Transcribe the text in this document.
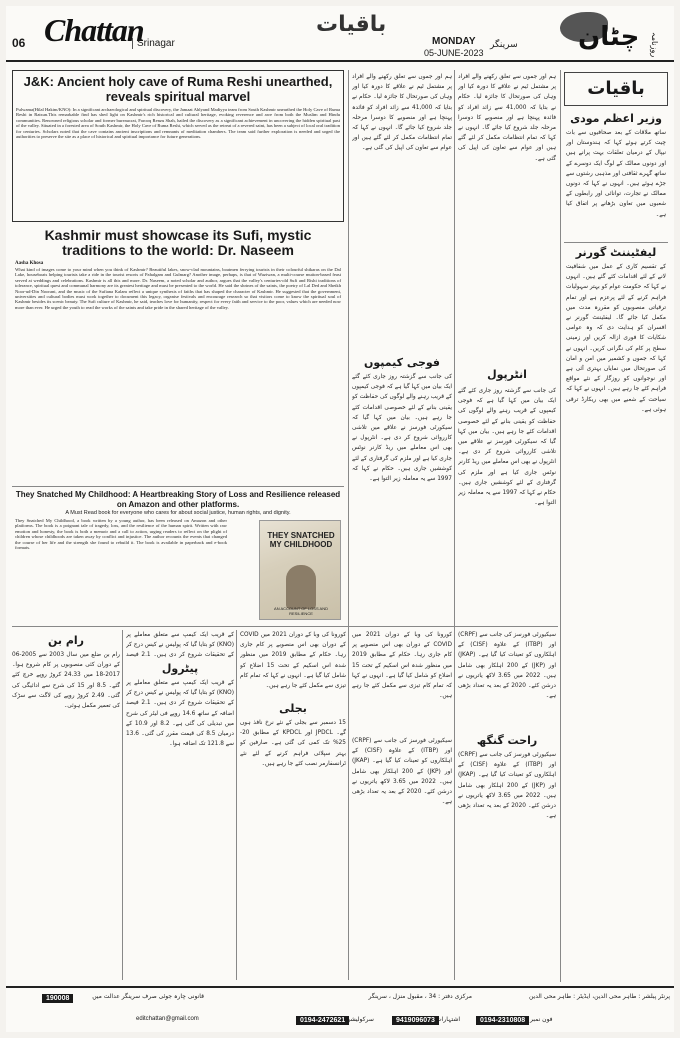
06 Chattan
Srinagar
باقیات
MONDAY
05-JUNE-2023
سرینگر چٹان روزنامہ
J&K: Ancient holy cave of Ruma Reshi unearthed, reveals spiritual marvel
Pulwama(Hilal Hakim/KNO): In a significant archaeological and spiritual discovery, the Jamaat Ahlyand Madiyya team from South Kashmir unearthed the Holy Cave of Ruma Reshi in Ratsun.This remarkable find has shed light on Kashmir's rich historical and cultural heritage, evoking reverence and awe from both the Muslim and Hindu communities. Renowned religious scholar and former bureaucrat, Farooq Renzu Shah, hailed the discovery as a significant achievement in uncovering the hidden spiritual past of the valley. Situated in a forested area of South Kashmir, the Holy Cave of Ruma Reshi, which served as the retreat of a revered saint, has been a subject of local oral tradition for centuries. Scholars noted that the cave contains ancient inscriptions and remnants of meditation chambers. The team said further exploration is needed and urged the authorities to preserve the site as a place of historical and spiritual importance for future generations.
Kashmir must showcase its Sufi, mystic traditions to the world: Dr. Naseem
Aasha Khosa
What kind of images come to your mind when you think of Kashmir? Beautiful lakes, snow-clad mountains, boatmen ferrying tourists in their colourful shikaras on the Dal Lake, houseboats helping tourists take a ride in the tourist resorts of Pahalgam and Gulmarg? Another image, perhaps, is that of Waziwan, a multi-course mutton-based feast served at weddings and celebrations. Kashmir is all this and more. Dr. Naseem, a noted scholar and author, argues that the valley's centuries-old Sufi and Rishi traditions of tolerance, spiritual quest and communal harmony are its greatest heritage and must be presented to the world. He said the shrines of the saints, the poetry of Lal Ded and Sheikh Noor-ud-Din Noorani, and the music of the Sufiana Kalam reflect a unique synthesis of faiths that has shaped the character of Kashmir. He suggested that the government, universities and cultural bodies must work together to document this legacy, organise festivals and encourage research so that visitors come to know the spiritual soul of Kashmir besides its scenic beauty. The Sufi culture of Kashmir, he said, teaches love for humanity, respect for every faith and service to the poor, values which are needed now more than ever. He urged the youth to read the works of the saints and take pride in the shared heritage of the valley.
They Snatched My Childhood: A Heartbreaking Story of Loss and Resilience released on Amazon and other platforms.
A Must Read book for everyone who cares for about social justice, human rights, and dignity.
They Snatched My Childhood, a book written by a young author, has been released on Amazon and other platforms. The book is a poignant tale of tragedy, loss, and the resilience of the human spirit. Written with raw emotion and honesty, the book is both a memoir and a call to action, urging readers to reflect on the plight of children whose childhoods are taken away by conflict and injustice. The author recounts the events that changed the course of her life and the strength she found to rebuild it. The book is available in paperback and e-book formats.
THEY SNATCHED MY CHILDHOOD
AN ACCOUNT OF LOSS AND RESILIENCE
باقیات
وزیر اعظم مودی
ساتھ ملاقات کے بعد صحافیوں سے بات چیت کرتے ہوئے کہا کہ ہندوستان اور نیپال کے درمیان تعلقات بہت پرانے ہیں اور دونوں ممالک کے لوگ ایک دوسرے کے ساتھ گہرے ثقافتی اور مذہبی رشتوں سے جڑے ہوئے ہیں۔ انہوں نے کہا کہ دونوں ممالک نے تجارت، توانائی اور رابطوں کے شعبوں میں تعاون بڑھانے پر اتفاق کیا ہے۔
لیفٹیننٹ گورنر
کے تقسیم کاری کے عمل میں شفافیت لانے کے لئے اقدامات کئے گئے ہیں۔ انہوں نے کہا کہ حکومت عوام کو بہتر سہولیات فراہم کرنے کے لئے پرعزم ہے اور تمام ترقیاتی منصوبوں کو مقررہ مدت میں مکمل کیا جائے گا۔ لیفٹیننٹ گورنر نے افسران کو ہدایت دی کہ وہ عوامی شکایات کا فوری ازالہ کریں اور زمینی سطح پر کام کی نگرانی کریں۔ انہوں نے کہا کہ جموں و کشمیر میں امن و امان کی صورتحال میں نمایاں بہتری آئی ہے اور نوجوانوں کو روزگار کے نئے مواقع فراہم کئے جا رہے ہیں۔ انہوں نے کہا کہ سیاحت کے شعبے میں بھی ریکارڈ ترقی ہوئی ہے۔
ہم اور جموں سے تعلق رکھنے والے افراد پر مشتمل ٹیم نے علاقے کا دورہ کیا اور وہاں کی صورتحال کا جائزہ لیا۔ حکام نے بتایا کہ 41,000 سے زائد افراد کو فائدہ پہنچا ہے اور منصوبے کا دوسرا مرحلہ جلد شروع کیا جائے گا۔ انہوں نے کہا کہ تمام انتظامات مکمل کر لئے گئے ہیں اور عوام سے تعاون کی اپیل کی گئی ہے۔
ہم اور جموں سے تعلق رکھنے والے افراد پر مشتمل ٹیم نے علاقے کا دورہ کیا اور وہاں کی صورتحال کا جائزہ لیا۔ حکام نے بتایا کہ 41,000 سے زائد افراد کو فائدہ پہنچا ہے اور منصوبے کا دوسرا مرحلہ جلد شروع کیا جائے گا۔ انہوں نے کہا کہ تمام انتظامات مکمل کر لئے گئے ہیں اور عوام سے تعاون کی اپیل کی گئی ہے۔
فوجی کیمپوں
انٹرپول
کی جانب سے گزشتہ روز جاری کئے گئے ایک بیان میں کہا گیا ہے کہ فوجی کیمپوں کے قریب رہنے والے لوگوں کی حفاظت کو یقینی بنانے کے لئے خصوصی اقدامات کئے جا رہے ہیں۔ بیان میں کہا گیا کہ سیکورٹی فورسز نے علاقے میں تلاشی کارروائی شروع کر دی ہے۔ انٹرپول نے بھی اس معاملے میں ریڈ کارنر نوٹس جاری کیا ہے اور ملزم کی گرفتاری کے لئے کوششیں جاری ہیں۔ حکام نے کہا کہ 1997 سے یہ معاملہ زیر التوا ہے۔
کی جانب سے گزشتہ روز جاری کئے گئے ایک بیان میں کہا گیا ہے کہ فوجی کیمپوں کے قریب رہنے والے لوگوں کی حفاظت کو یقینی بنانے کے لئے خصوصی اقدامات کئے جا رہے ہیں۔ بیان میں کہا گیا کہ سیکورٹی فورسز نے علاقے میں تلاشی کارروائی شروع کر دی ہے۔ انٹرپول نے بھی اس معاملے میں ریڈ کارنر نوٹس جاری کیا ہے اور ملزم کی گرفتاری کے لئے کوششیں جاری ہیں۔ حکام نے کہا کہ 1997 سے یہ معاملہ زیر التوا ہے۔
کورونا کی وبا کے دوران 2021 میں COVID کے دوران بھی اس منصوبے پر کام جاری رہا۔ حکام کے مطابق 2019 میں منظور شدہ اس اسکیم کے تحت 15 اضلاع کو شامل کیا گیا ہے۔ انہوں نے کہا کہ تمام کام تیزی سے مکمل کئے جا رہے ہیں۔
کورونا کی وبا کے دوران 2021 میں COVID کے دوران بھی اس منصوبے پر کام جاری رہا۔ حکام کے مطابق 2019 میں منظور شدہ اس اسکیم کے تحت 15 اضلاع کو شامل کیا گیا ہے۔ انہوں نے کہا کہ تمام کام تیزی سے مکمل کئے جا رہے ہیں۔
سیکیورٹی فورسز کی جانب سے (CRPF) اور (ITBP) کے علاوہ (CISF) کے اہلکاروں کو تعینات کیا گیا ہے۔ (JKAP) اور (JKP) کے 200 اہلکار بھی شامل ہیں۔ 2022 میں 3.65 لاکھ یاتریوں نے درشن کئے۔ 2020 کے بعد یہ تعداد بڑھی ہے۔
راحت گنگھ
سیکیورٹی فورسز کی جانب سے (CRPF) اور (ITBP) کے علاوہ (CISF) کے اہلکاروں کو تعینات کیا گیا ہے۔ (JKAP) اور (JKP) کے 200 اہلکار بھی شامل ہیں۔ 2022 میں 3.65 لاکھ یاتریوں نے درشن کئے۔ 2020 کے بعد یہ تعداد بڑھی ہے۔
سیکیورٹی فورسز کی جانب سے (CRPF) اور (ITBP) کے علاوہ (CISF) کے اہلکاروں کو تعینات کیا گیا ہے۔ (JKAP) اور (JKP) کے 200 اہلکار بھی شامل ہیں۔ 2022 میں 3.65 لاکھ یاتریوں نے درشن کئے۔ 2020 کے بعد یہ تعداد بڑھی ہے۔
بجلی
15 دسمبر سے بجلی کے نئے نرخ نافذ ہوں گے۔ JPDCL اور KPDCL کے مطابق 20-25% تک کمی کی گئی ہے۔ صارفین کو بہتر سپلائی فراہم کرنے کے لئے نئے ٹرانسفارمر نصب کئے جا رہے ہیں۔
کے قریب ایک کیمپ سے متعلق معاملے پر (KNO) کو بتایا گیا کہ پولیس نے کیس درج کر کے تحقیقات شروع کر دی ہیں۔ 2.1 فیصد
پیٹرول
کے قریب ایک کیمپ سے متعلق معاملے پر (KNO) کو بتایا گیا کہ پولیس نے کیس درج کر کے تحقیقات شروع کر دی ہیں۔ 2.1 فیصد اضافہ کے ساتھ 14.6 روپے فی لیٹر کی شرح میں تبدیلی کی گئی ہے۔ 8.2 اور 10.9 کے درمیان 8.5 کی قیمت مقرر کی گئی۔ 13.6 سے 121.8 تک اضافہ ہوا۔
رام بن
رام بن ضلع میں سال 2003 سے 2005-06 کے دوران کئی منصوبوں پر کام شروع ہوا۔ 2017-18 میں 24.33 کروڑ روپے خرچ کئے گئے۔ 8.5 اور 15 کی شرح سے ادائیگی کی گئی۔ 2.49 کروڑ روپے کی لاگت سے سڑک کی تعمیر مکمل ہوئی۔
پرنٹر پبلشر : طاہر محی الدین، ایڈیٹر : طاہر محی الدین
0194-2310808 فون نمبر
9419096073 اشتہارات
0194-2472621 سرکولیشن
مرکزی دفتر : 34 ، مقبول منزل ، سرینگر
190008
editchattan@gmail.com
قانونی چارہ جوئی صرف سرینگر عدالت میں
